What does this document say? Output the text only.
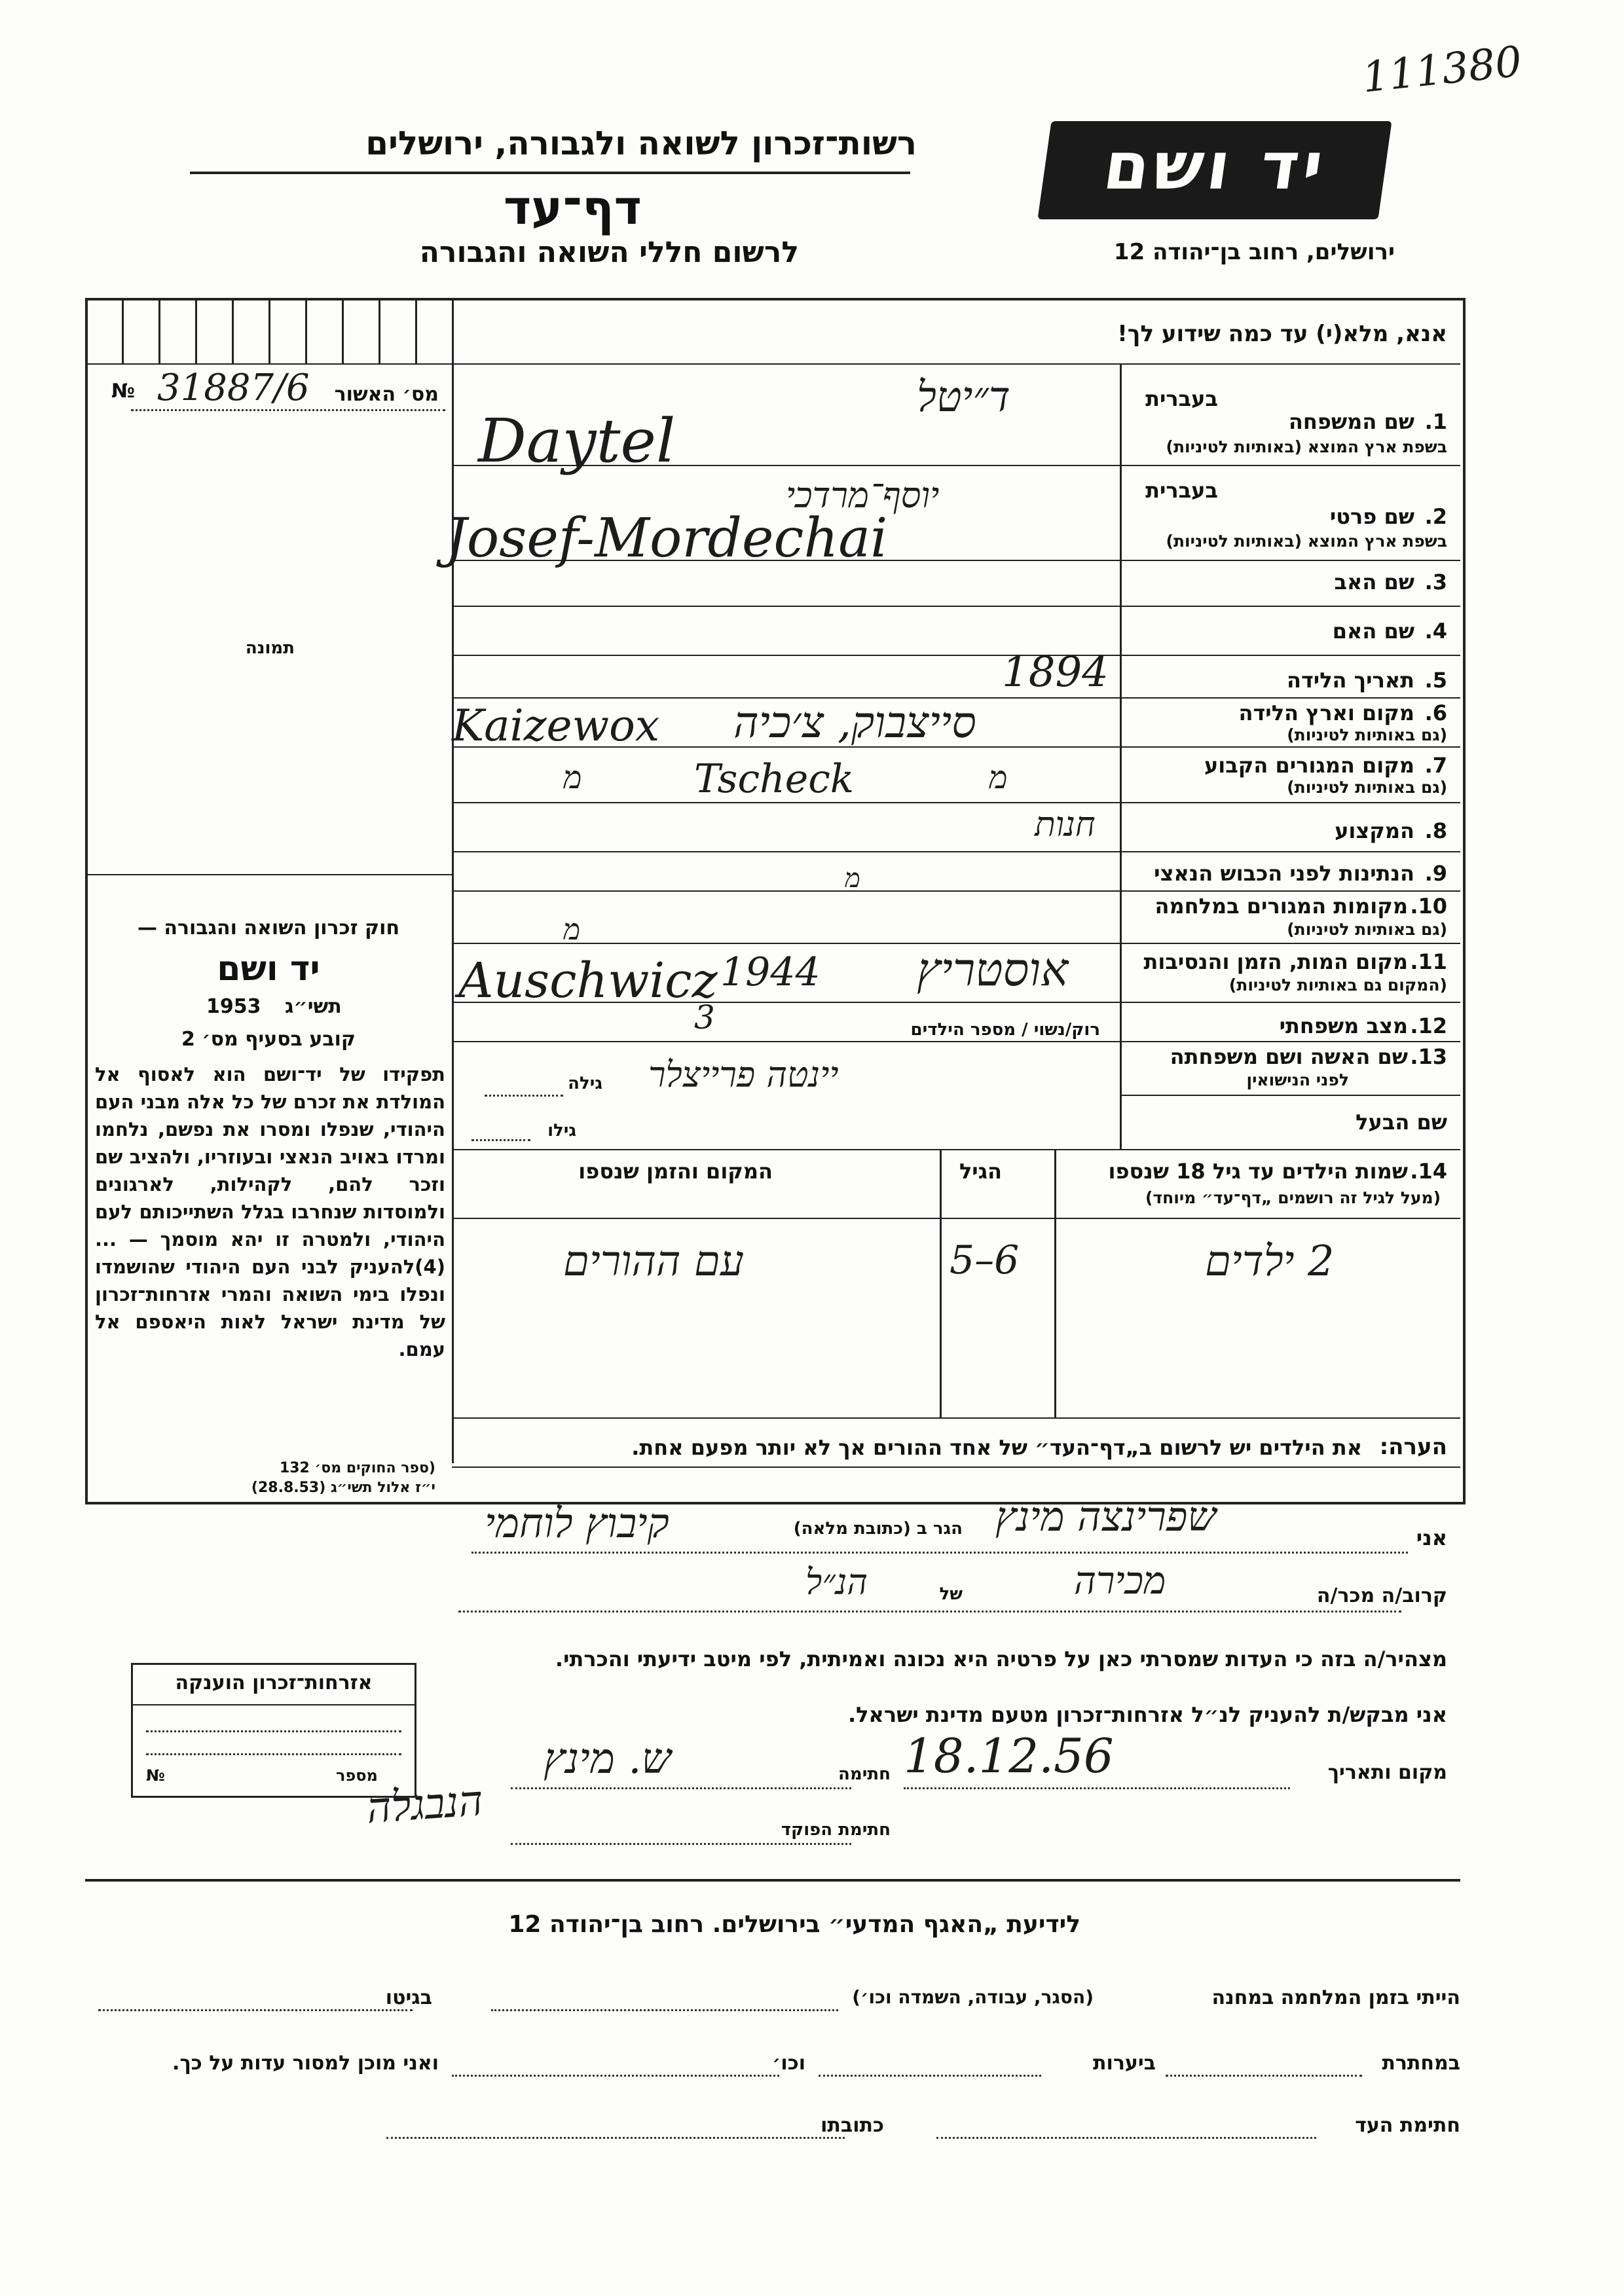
111380
רשות־זכרון לשואה ולגבורה, ירושלים
דף־עד
לרשום חללי השואה והגבורה
יד ושם
ירושלים, רחוב בן־יהודה 12
№ 31887/6 מס׳ האשור
תמונה
אנא, מלא(י) עד כמה שידוע לך!
בעברית
1.
שם המשפחה
בשפת ארץ המוצא (באותיות לטיניות)
בעברית
2.
שם פרטי
בשפת ארץ המוצא (באותיות לטיניות)
3.
שם האב
4.
שם האם
5.
תאריך הלידה
6.
מקום וארץ הלידה
(גם באותיות לטיניות)
7.
מקום המגורים הקבוע
(גם באותיות לטיניות)
8.
המקצוע
9.
הנתינות לפני הכבוש הנאצי
10.
מקומות המגורים במלחמה
(גם באותיות לטיניות)
11.
מקום המות, הזמן והנסיבות
(המקום גם באותיות לטיניות)
12.
מצב משפחתי
13.
שם האשה ושם משפחתה
לפני הנישואין
שם הבעל
ד״יטל
Daytel
יוסף־מרדכי
Josef-Mordechai
1894
Kaizewox סייצבוק, צ׳כיה
Tscheck
מ	מ
חנות
מ
מ
Auschwicz 1944 אוסטריץ
רוק/נשוי / מספר הילדים
3
יינטה פרייצלר
גילה
גילו
14.
שמות הילדים עד גיל 18 שנספו
(מעל לגיל זה רושמים „דף־עד״ מיוחד)
הגיל
המקום והזמן שנספו
2 ילדים
5–6
עם ההורים
חוק זכרון השואה והגבורה —
יד ושם
תשי״ג
1953
קובע בסעיף מס׳ 2
תפקידו של יד־ושם הוא לאסוף אל המולדת את זכרם של כל אלה מבני העם היהודי, שנפלו ומסרו את נפשם, נלחמו ומרדו באויב הנאצי ובעוזריו, ולהציב שם וזכר להם, לקהילות, לארגונים ולמוסדות שנחרבו בגלל השתייכותם לעם היהודי, ולמטרה זו יהא מוסמך — ...(4)להעניק לבני העם היהודי שהושמדו ונפלו בימי השואה והמרי אזרחות־זכרון של מדינת ישראל לאות היאספם אל עמם.
(ספר החוקים מס׳ 132
י״ז אלול תשי״ג (28.8.53)
הערה:
את הילדים יש לרשום ב„דף־העד״ של אחד ההורים אך לא יותר מפעם אחת.
אני
שפרינצה מינץ
הגר ב (כתובת מלאה)
קיבוץ לוחמי
קרוב/ה מכר/ה
מכירה
של
הנ״ל
מצהיר/ה בזה כי העדות שמסרתי כאן על פרטיה היא נכונה ואמיתית, לפי מיטב ידיעתי והכרתי.
אני מבקש/ת להעניק לנ״ל אזרחות־זכרון מטעם מדינת ישראל.
מקום ותאריך
18.12.56
חתימה
ש. מינץ
חתימת הפוקד
הנבגלה
אזרחות־זכרון הוענקה
№	מספר
לידיעת „האגף המדעי״ בירושלים. רחוב בן־יהודה 12
הייתי בזמן המלחמה במחנה
(הסגר, עבודה, השמדה וכו׳)
בגיטו
במחתרת
ביערות
וכו׳
ואני מוכן למסור עדות על כך.
חתימת העד
כתובתו
